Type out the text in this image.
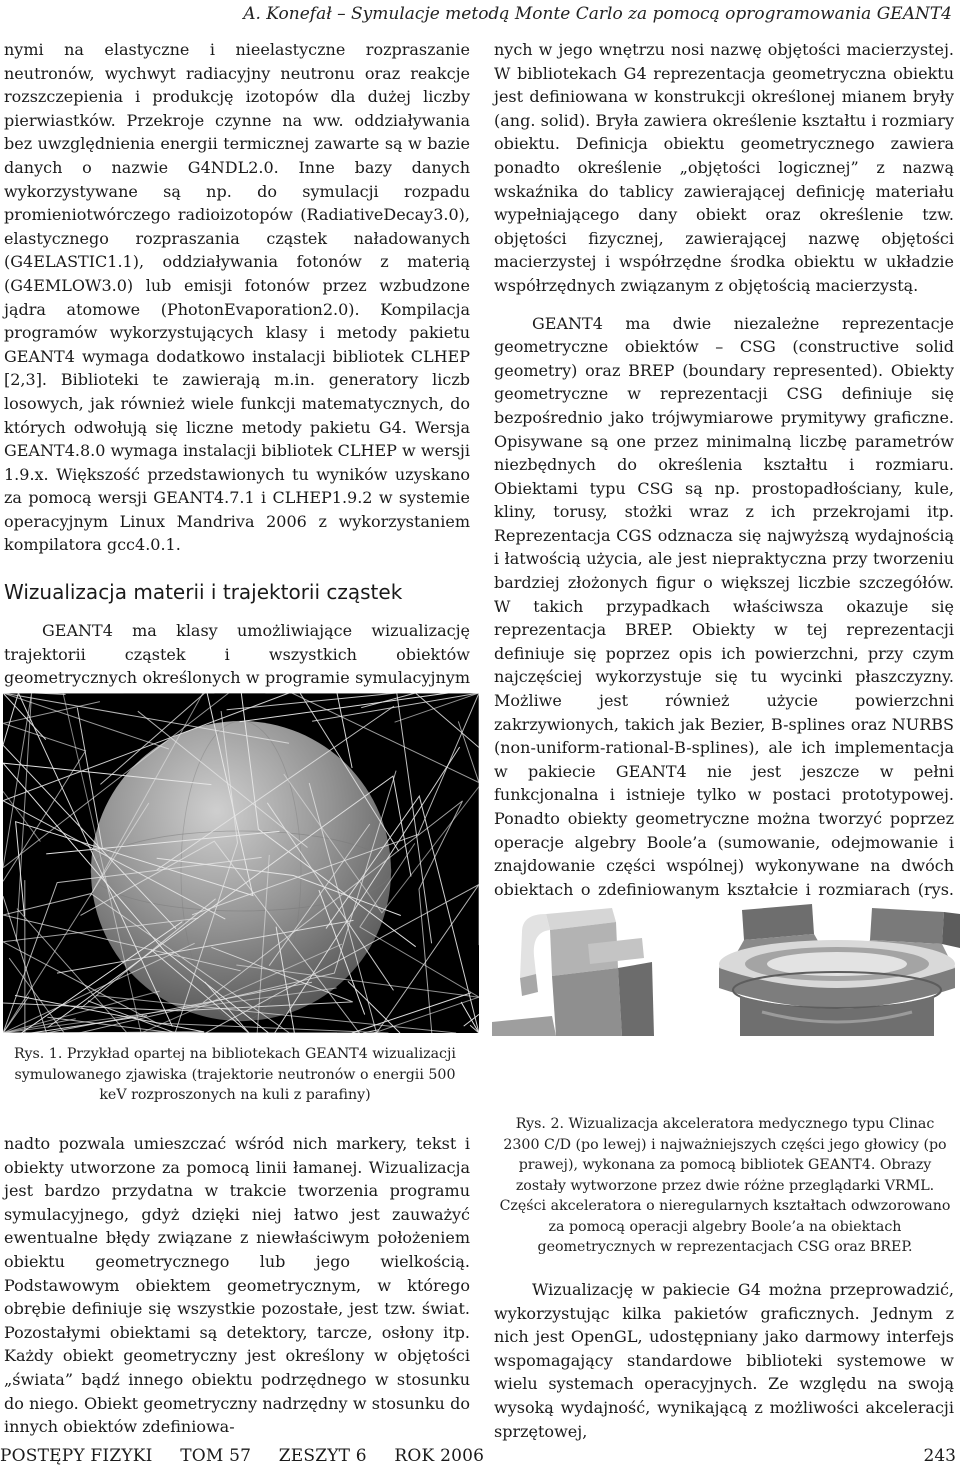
A. Konefał – Symulacje metodą Monte Carlo za pomocą oprogramowania GEANT4

nymi na elastyczne i nieelastyczne rozpraszanie neutronów, wychwyt radiacyjny neutronu oraz reakcje rozszczepienia i produkcję izotopów dla dużej liczby pierwiastków. Przekroje czynne na ww. oddziaływania bez uwzględnienia energii termicznej zawarte są w bazie danych o nazwie G4NDL2.0. Inne bazy danych wykorzystywane są np. do symulacji rozpadu promieniotwórczego radioizotopów (RadiativeDecay3.0), elastycznego rozpraszania cząstek naładowanych (G4ELASTIC1.1), oddziaływania fotonów z materią (G4EMLOW3.0) lub emisji fotonów przez wzbudzone jądra atomowe (PhotonEvaporation2.0). Kompilacja programów wykorzystujących klasy i metody pakietu GEANT4 wymaga dodatkowo instalacji bibliotek CLHEP [2,3]. Biblioteki te zawierają m.in. generatory liczb losowych, jak również wiele funkcji matematycznych, do których odwołują się liczne metody pakietu G4. Wersja GEANT4.8.0 wymaga instalacji bibliotek CLHEP w wersji 1.9.x. Większość przedstawionych tu wyników uzyskano za pomocą wersji GEANT4.7.1 i CLHEP1.9.2 w systemie operacyjnym Linux Mandriva 2006 z wykorzystaniem kompilatora gcc4.0.1.

Wizualizacja materii i trajektorii cząstek

GEANT4 ma klasy umożliwiające wizualizację trajektorii cząstek i wszystkich obiektów geometrycznych określonych w programie symulacyjnym

Rys. 1. Przykład opartej na bibliotekach GEANT4 wizualizacji symulowanego zjawiska (trajektorie neutronów o energii 500 keV rozproszonych na kuli z parafiny)

nadto pozwala umieszczać wśród nich markery, tekst i obiekty utworzone za pomocą linii łamanej. Wizualizacja jest bardzo przydatna w trakcie tworzenia programu symulacyjnego, gdyż dzięki niej łatwo jest zauważyć ewentualne błędy związane z niewłaściwym położeniem obiektu geometrycznego lub jego wielkością. Podstawowym obiektem geometrycznym, w którego obrębie definiuje się wszystkie pozostałe, jest tzw. świat. Pozostałymi obiektami są detektory, tarcze, osłony itp. Każdy obiekt geometryczny jest określony w objętości „świata” bądź innego obiektu podrzędnego w stosunku do niego. Obiekt geometryczny nadrzędny w stosunku do innych obiektów zdefiniowa-

nych w jego wnętrzu nosi nazwę objętości macierzystej. W bibliotekach G4 reprezentacja geometryczna obiektu jest definiowana w konstrukcji określonej mianem bryły (ang. solid). Bryła zawiera określenie kształtu i rozmiary obiektu. Definicja obiektu geometrycznego zawiera ponadto określenie „objętości logicznej” z nazwą wskaźnika do tablicy zawierającej definicję materiału wypełniającego dany obiekt oraz określenie tzw. objętości fizycznej, zawierającej nazwę objętości macierzystej i współrzędne środka obiektu w układzie współrzędnych związanym z objętością macierzystą.

GEANT4 ma dwie niezależne reprezentacje geometryczne obiektów – CSG (constructive solid geometry) oraz BREP (boundary represented). Obiekty geometryczne w reprezentacji CSG definiuje się bezpośrednio jako trójwymiarowe prymitywy graficzne. Opisywane są one przez minimalną liczbę parametrów niezbędnych do określenia kształtu i rozmiaru. Obiektami typu CSG są np. prostopadłościany, kule, kliny, torusy, stożki wraz z ich przekrojami itp. Reprezentacja CGS odznacza się najwyższą wydajnością i łatwością użycia, ale jest niepraktyczna przy tworzeniu bardziej złożonych figur o większej liczbie szczegółów. W takich przypadkach właściwsza okazuje się reprezentacja BREP. Obiekty w tej reprezentacji definiuje się poprzez opis ich powierzchni, przy czym najczęściej wykorzystuje się tu wycinki płaszczyzny. Możliwe jest również użycie powierzchni zakrzywionych, takich jak Bezier, B-splines oraz NURBS (non-uniform-rational-B-splines), ale ich implementacja w pakiecie GEANT4 nie jest jeszcze w pełni funkcjonalna i istnieje tylko w postaci prototypowej. Ponadto obiekty geometryczne można tworzyć poprzez operacje algebry Boole’a (sumowanie, odejmowanie i znajdowanie części wspólnej) wykonywane na dwóch obiektach o zdefiniowanym kształcie i rozmiarach (rys.

Rys. 2. Wizualizacja akceleratora medycznego typu Clinac 2300 C/D (po lewej) i najważniejszych części jego głowicy (po prawej), wykonana za pomocą bibliotek GEANT4. Obrazy zostały wytworzone przez dwie różne przeglądarki VRML. Części akceleratora o nieregularnych kształtach odwzorowano za pomocą operacji algebry Boole’a na obiektach geometrycznych w reprezentacjach CSG oraz BREP.

Wizualizację w pakiecie G4 można przeprowadzić, wykorzystując kilka pakietów graficznych. Jednym z nich jest OpenGL, udostępniany jako darmowy interfejs wspomagający standardowe biblioteki systemowe w wielu systemach operacyjnych. Ze względu na swoją wysoką wydajność, wynikającą z możliwości akceleracji sprzętowej,

POSTĘPY FIZYKI TOM 57 ZESZYT 6 ROK 2006	243
